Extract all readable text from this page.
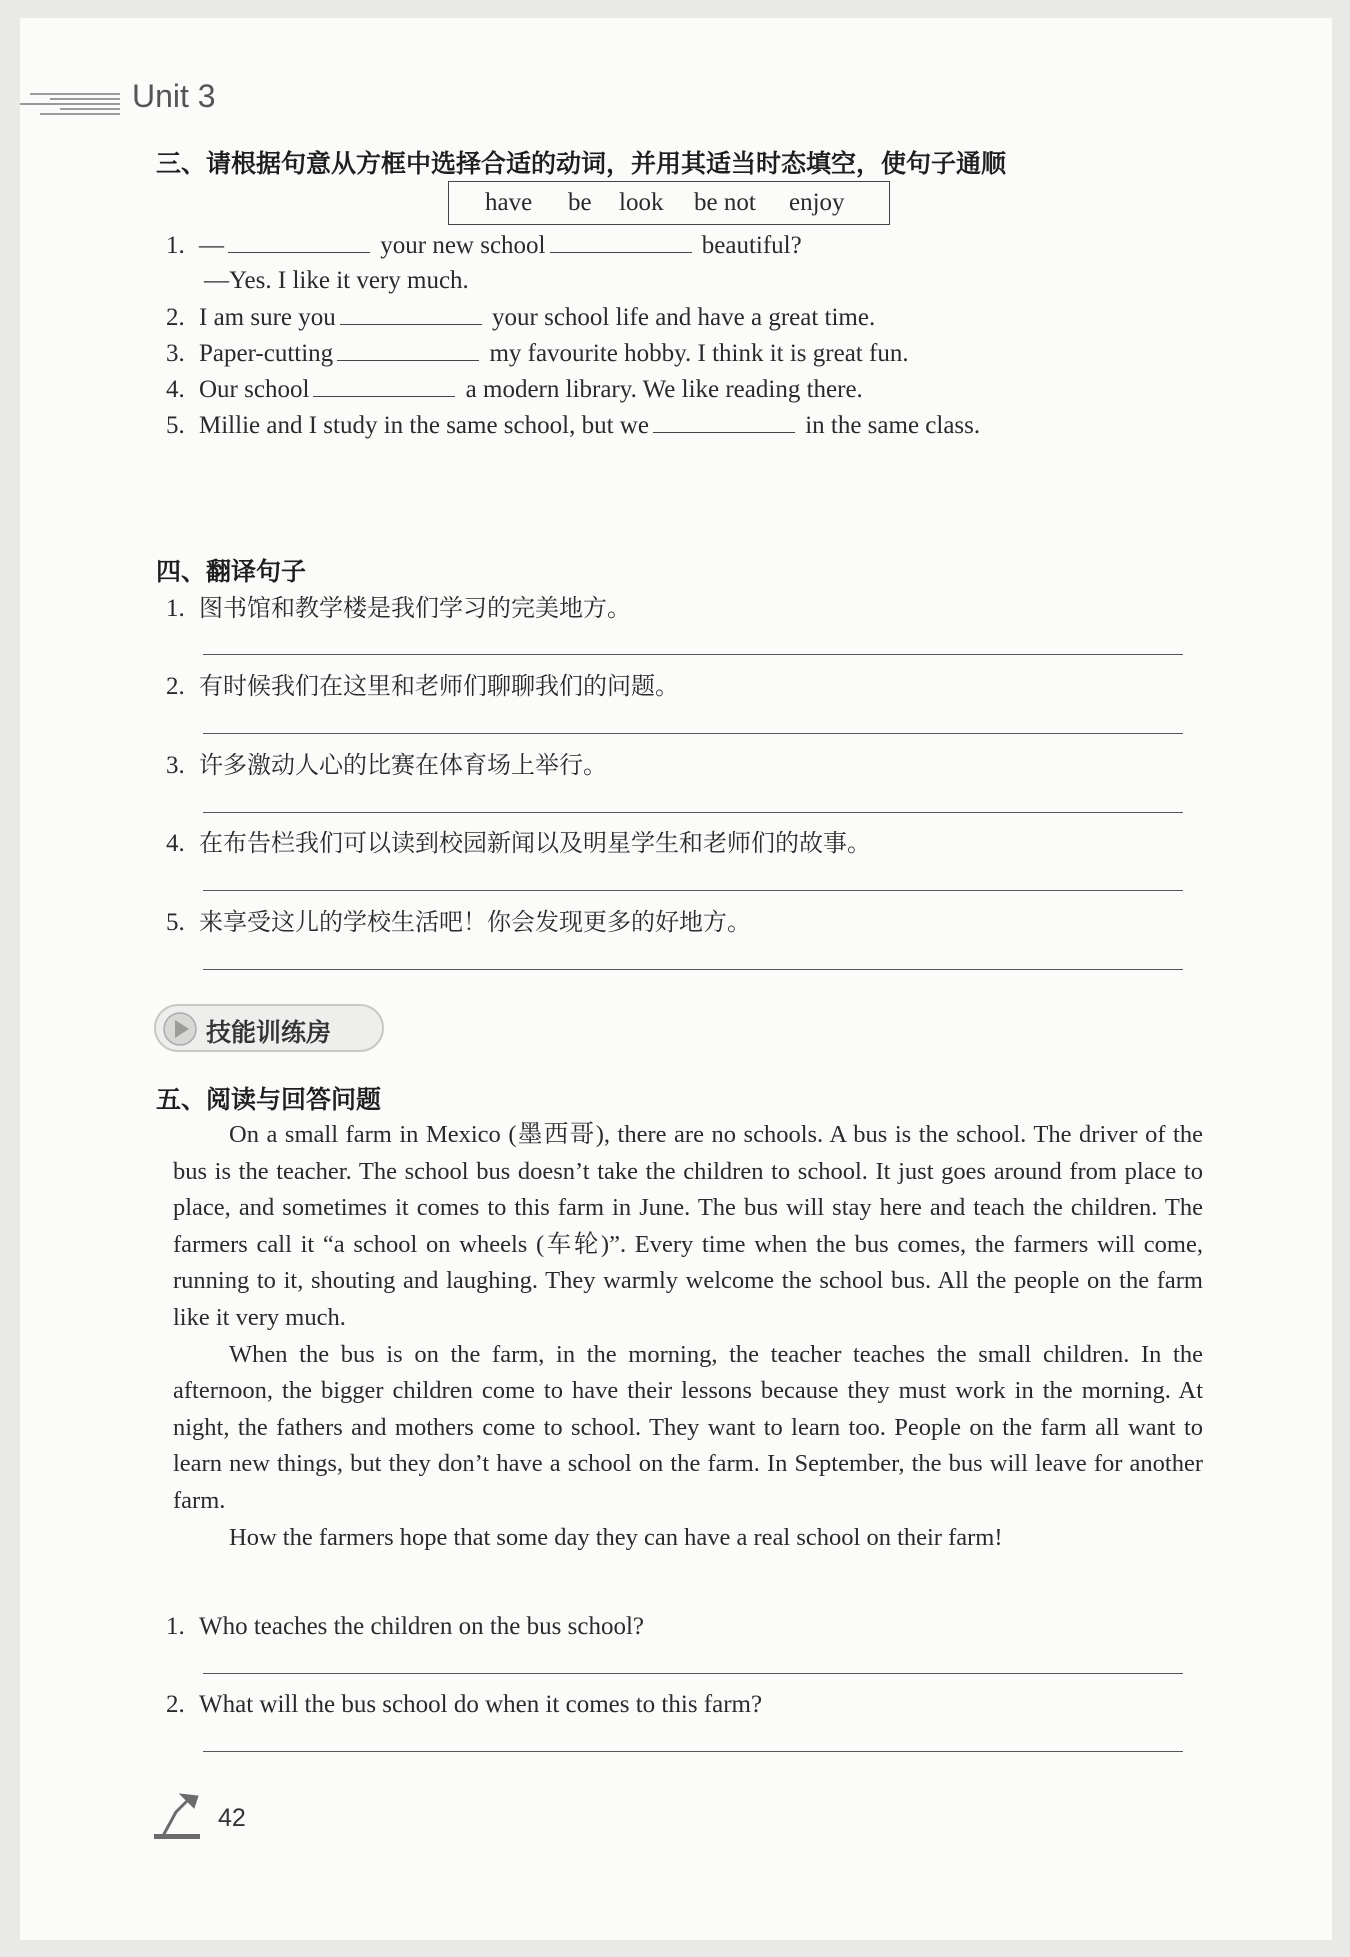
Unit 3
三、请根据句意从方框中选择合适的动词，并用其适当时态填空，使句子通顺
have be look be not enjoy
1. —	your new school	beautiful?
—Yes. I like it very much.
2. I am sure you	your school life and have a great time.
3. Paper-cutting	my favourite hobby. I think it is great fun.
4. Our school	a modern library. We like reading there.
5. Millie and I study in the same school, but we	in the same class.
四、翻译句子
1. 图书馆和教学楼是我们学习的完美地方。
2. 有时候我们在这里和老师们聊聊我们的问题。
3. 许多激动人心的比赛在体育场上举行。
4. 在布告栏我们可以读到校园新闻以及明星学生和老师们的故事。
5. 来享受这儿的学校生活吧！你会发现更多的好地方。
技能训练房
五、阅读与回答问题

On a small farm in Mexico (墨西哥), there are no schools. A bus is the school. The driver of the bus is the teacher. The school bus doesn’t take the children to school. It just goes around from place to place, and sometimes it comes to this farm in June. The bus will stay here and teach the children. The farmers call it “a school on wheels (车轮)”. Every time when the bus comes, the farmers will come, running to it, shouting and laughing. They warmly welcome the school bus. All the people on the farm like it very much.

When the bus is on the farm, in the morning, the teacher teaches the small children. In the afternoon, the bigger children come to have their lessons because they must work in the morning. At night, the fathers and mothers come to school. They want to learn too. People on the farm all want to learn new things, but they don’t have a school on the farm. In September, the bus will leave for another farm.

How the farmers hope that some day they can have a real school on their farm!

1. Who teaches the children on the bus school?
2. What will the bus school do when it comes to this farm?
42
